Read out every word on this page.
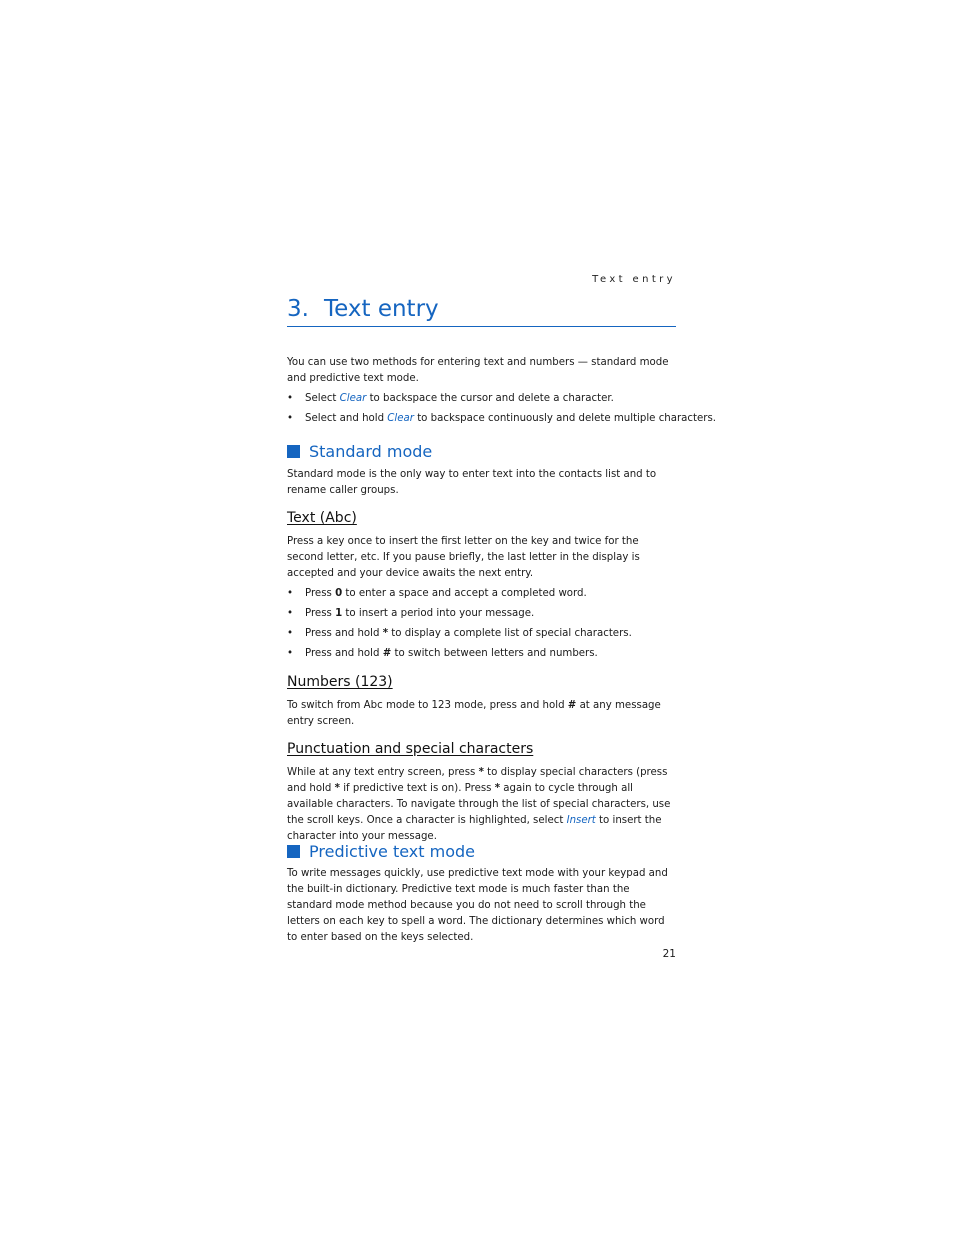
Text entry
3. Text entry

You can use two methods for entering text and numbers — standard mode and predictive text mode.

• Select Clear to backspace the cursor and delete a character.
• Select and hold Clear to backspace continuously and delete multiple characters.
Standard mode

Standard mode is the only way to enter text into the contacts list and to rename caller groups.

Text (Abc)

Press a key once to insert the first letter on the key and twice for the second letter, etc. If you pause briefly, the last letter in the display is accepted and your device awaits the next entry.

• Press 0 to enter a space and accept a completed word.
• Press 1 to insert a period into your message.
• Press and hold * to display a complete list of special characters.
• Press and hold # to switch between letters and numbers.
Numbers (123)

To switch from Abc mode to 123 mode, press and hold # at any message
entry screen.

Punctuation and special characters

While at any text entry screen, press * to display special characters (press and hold * if predictive text is on). Press * again to cycle through all available characters. To navigate through the list of special characters, use the scroll keys. Once a character is highlighted, select Insert to insert the character into your message.

Predictive text mode

To write messages quickly, use predictive text mode with your keypad and the built-in dictionary. Predictive text mode is much faster than the standard mode method because you do not need to scroll through the letters on each key to spell a word. The dictionary determines which word to enter based on the keys selected.

21
